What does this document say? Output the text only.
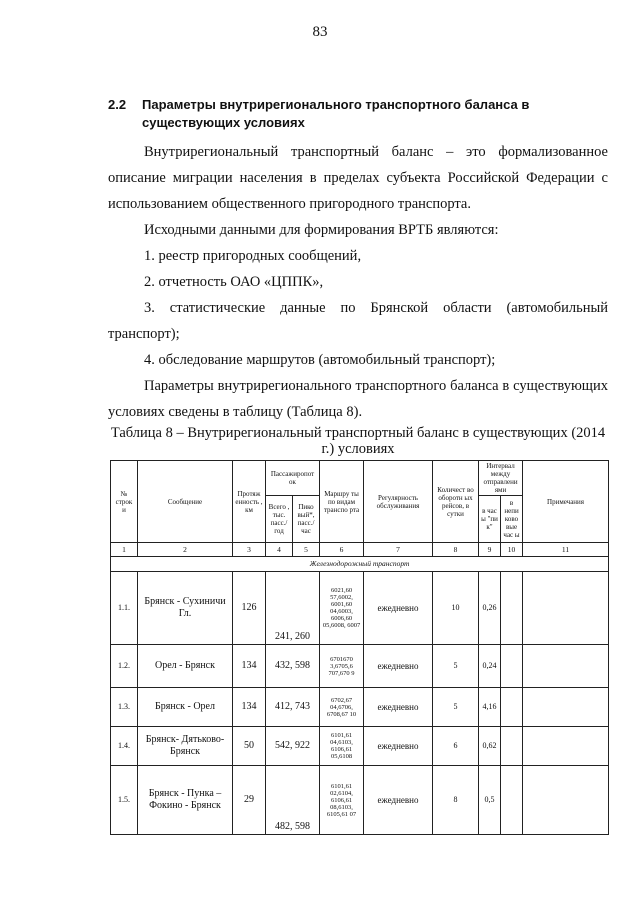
83
2.2	Параметры внутрирегионального транспортного баланса в существующих условиях
Внутрирегиональный транспортный баланс – это формализованное описание миграции населения в пределах субъекта Российской Федерации с использованием общественного пригородного транспорта.
Исходными данными для формирования ВРТБ являются:
1. реестр пригородных сообщений,
2. отчетность ОАО «ЦППК»,
3. статистические данные по Брянской области (автомобильный транспорт);
4. обследование маршрутов (автомобильный транспорт);
Параметры внутрирегионального транспортного баланса в существующих условиях сведены в таблицу (Таблица 8).
Таблица 8 – Внутрирегиональный транспортный баланс в существующих (2014 г.) условиях
№ строк и	Сообщение	Протяж енность , км	Пассажиропот ок		Маршру ты по видам транспо рта	Регулярность обслуживания	Количест во оборотн ых рейсов, в сутки	Интервал между отправлени ями		Примечания
			Всего , тыс. пасс./ год	Пико вый*, пасс./ час				в час ы "пи к"	в непи ково вые час ы	
1	2	3	4	5	6	7	8	9	10	11
Железнодорожный транспорт										
1.1.	Брянск - Сухиничи Гл.	126	241, 260		6021,60 57,6002, 6001,60 04,6003, 6006,60 05,6008, 6007	ежедневно	10	0,26		
1.2.	Орел - Брянск	134	432, 598		6701670 3,6705,6 707,670 9	ежедневно	5	0,24		
1.3.	Брянск - Орел	134	412, 743		6702,67 04,6706, 6708,67 10	ежедневно	5	4,16		
1.4.	Брянск- Дятьково-Брянск	50	542, 922		6101,61 04,6103, 6106,61 05,6108	ежедневно	6	0,62		
1.5.	Брянск - Пунка – Фокино - Брянск	29	482, 598		6101,61 02,6104, 6106,61 08,6103, 6105,61 07	ежедневно	8	0,5		
